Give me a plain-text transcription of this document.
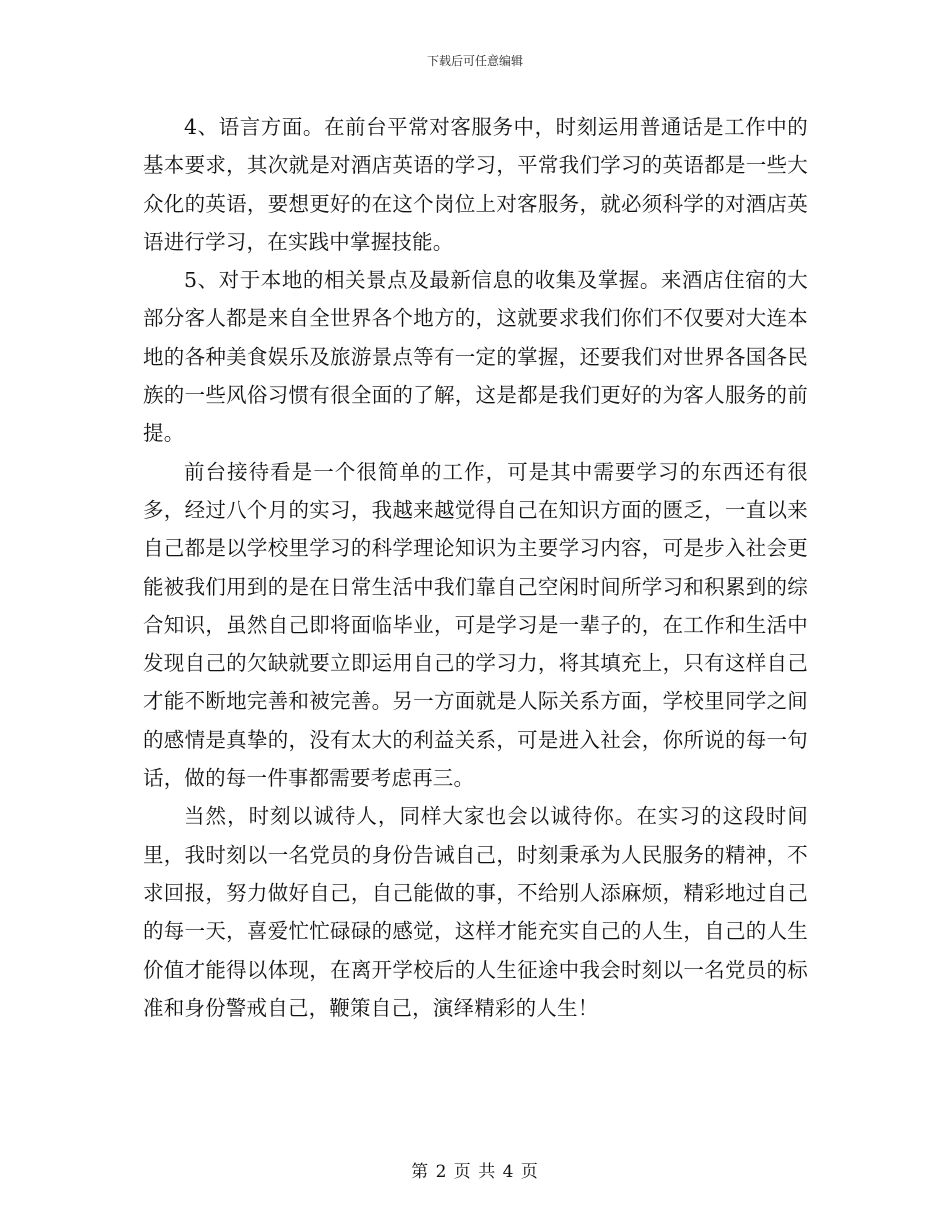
下载后可任意编辑

4、语言方面。在前台平常对客服务中，时刻运用普通话是工作中的基本要求，其次就是对酒店英语的学习，平常我们学习的英语都是一些大众化的英语，要想更好的在这个岗位上对客服务，就必须科学的对酒店英语进行学习，在实践中掌握技能。

5、对于本地的相关景点及最新信息的收集及掌握。来酒店住宿的大部分客人都是来自全世界各个地方的，这就要求我们你们不仅要对大连本地的各种美食娱乐及旅游景点等有一定的掌握，还要我们对世界各国各民族的一些风俗习惯有很全面的了解，这是都是我们更好的为客人服务的前提。

前台接待看是一个很简单的工作，可是其中需要学习的东西还有很多，经过八个月的实习，我越来越觉得自己在知识方面的匮乏，一直以来自己都是以学校里学习的科学理论知识为主要学习内容，可是步入社会更能被我们用到的是在日常生活中我们靠自己空闲时间所学习和积累到的综合知识，虽然自己即将面临毕业，可是学习是一辈子的，在工作和生活中发现自己的欠缺就要立即运用自己的学习力，将其填充上，只有这样自己才能不断地完善和被完善。另一方面就是人际关系方面，学校里同学之间的感情是真挚的，没有太大的利益关系，可是进入社会，你所说的每一句话，做的每一件事都需要考虑再三。

当然，时刻以诚待人，同样大家也会以诚待你。在实习的这段时间里，我时刻以一名党员的身份告诫自己，时刻秉承为人民服务的精神，不求回报，努力做好自己，自己能做的事，不给别人添麻烦，精彩地过自己的每一天，喜爱忙忙碌碌的感觉，这样才能充实自己的人生，自己的人生价值才能得以体现，在离开学校后的人生征途中我会时刻以一名党员的标准和身份警戒自己，鞭策自己，演绎精彩的人生！

第 2 页 共 4 页
